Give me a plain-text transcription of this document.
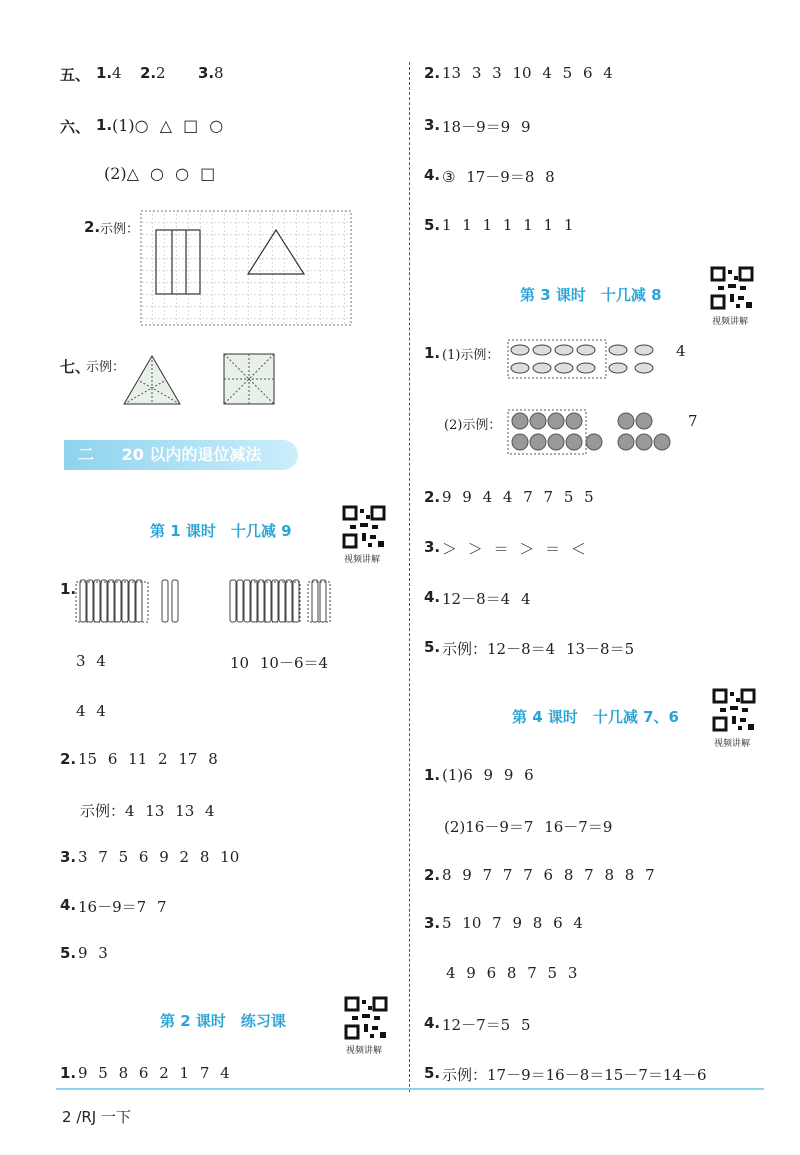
五、 1. 4 2. 2 3. 8
六、 1. (1)○ △ □ ○
(2)△ ○ ○ □
2. 示例：
七、
示例：
二 20 以内的退位减法
第 1 课时　十几减 9
视频讲解
1.
3 4	10 10－6＝4
4 4
2. 15 6 11 2 17 8
示例：4 13 13 4
3. 3 7 5 6 9 2 8 10
4. 16－9＝7 7
5. 9 3
第 2 课时　练习课
视频讲解
1. 9 5 8 6 2 1 7 4
2. 13 3 3 10 4 5 6 4
3. 18－9＝9 9
4. ③ 17－9＝8 8
5. 1 1 1 1 1 1 1
第 3 课时　十几减 8
视频讲解
1. (1)示例：	4
(2)示例：	7
2. 9 9 4 4 7 7 5 5
3. ＞ ＞ ＝ ＞ ＝ ＜
4. 12－8＝4 4
5. 示例：12－8＝4 13－8＝5
第 4 课时　十几减 7、6
视频讲解
1. (1)6 9 9 6
(2)16－9＝7 16－7＝9
2. 8 9 7 7 7 6 8 7 8 8 7
3. 5 10 7 9 8 6 4
4 9 6 8 7 5 3
4. 12－7＝5 5
5. 示例：17－9＝16－8＝15－7＝14－6
2 /RJ 一下
